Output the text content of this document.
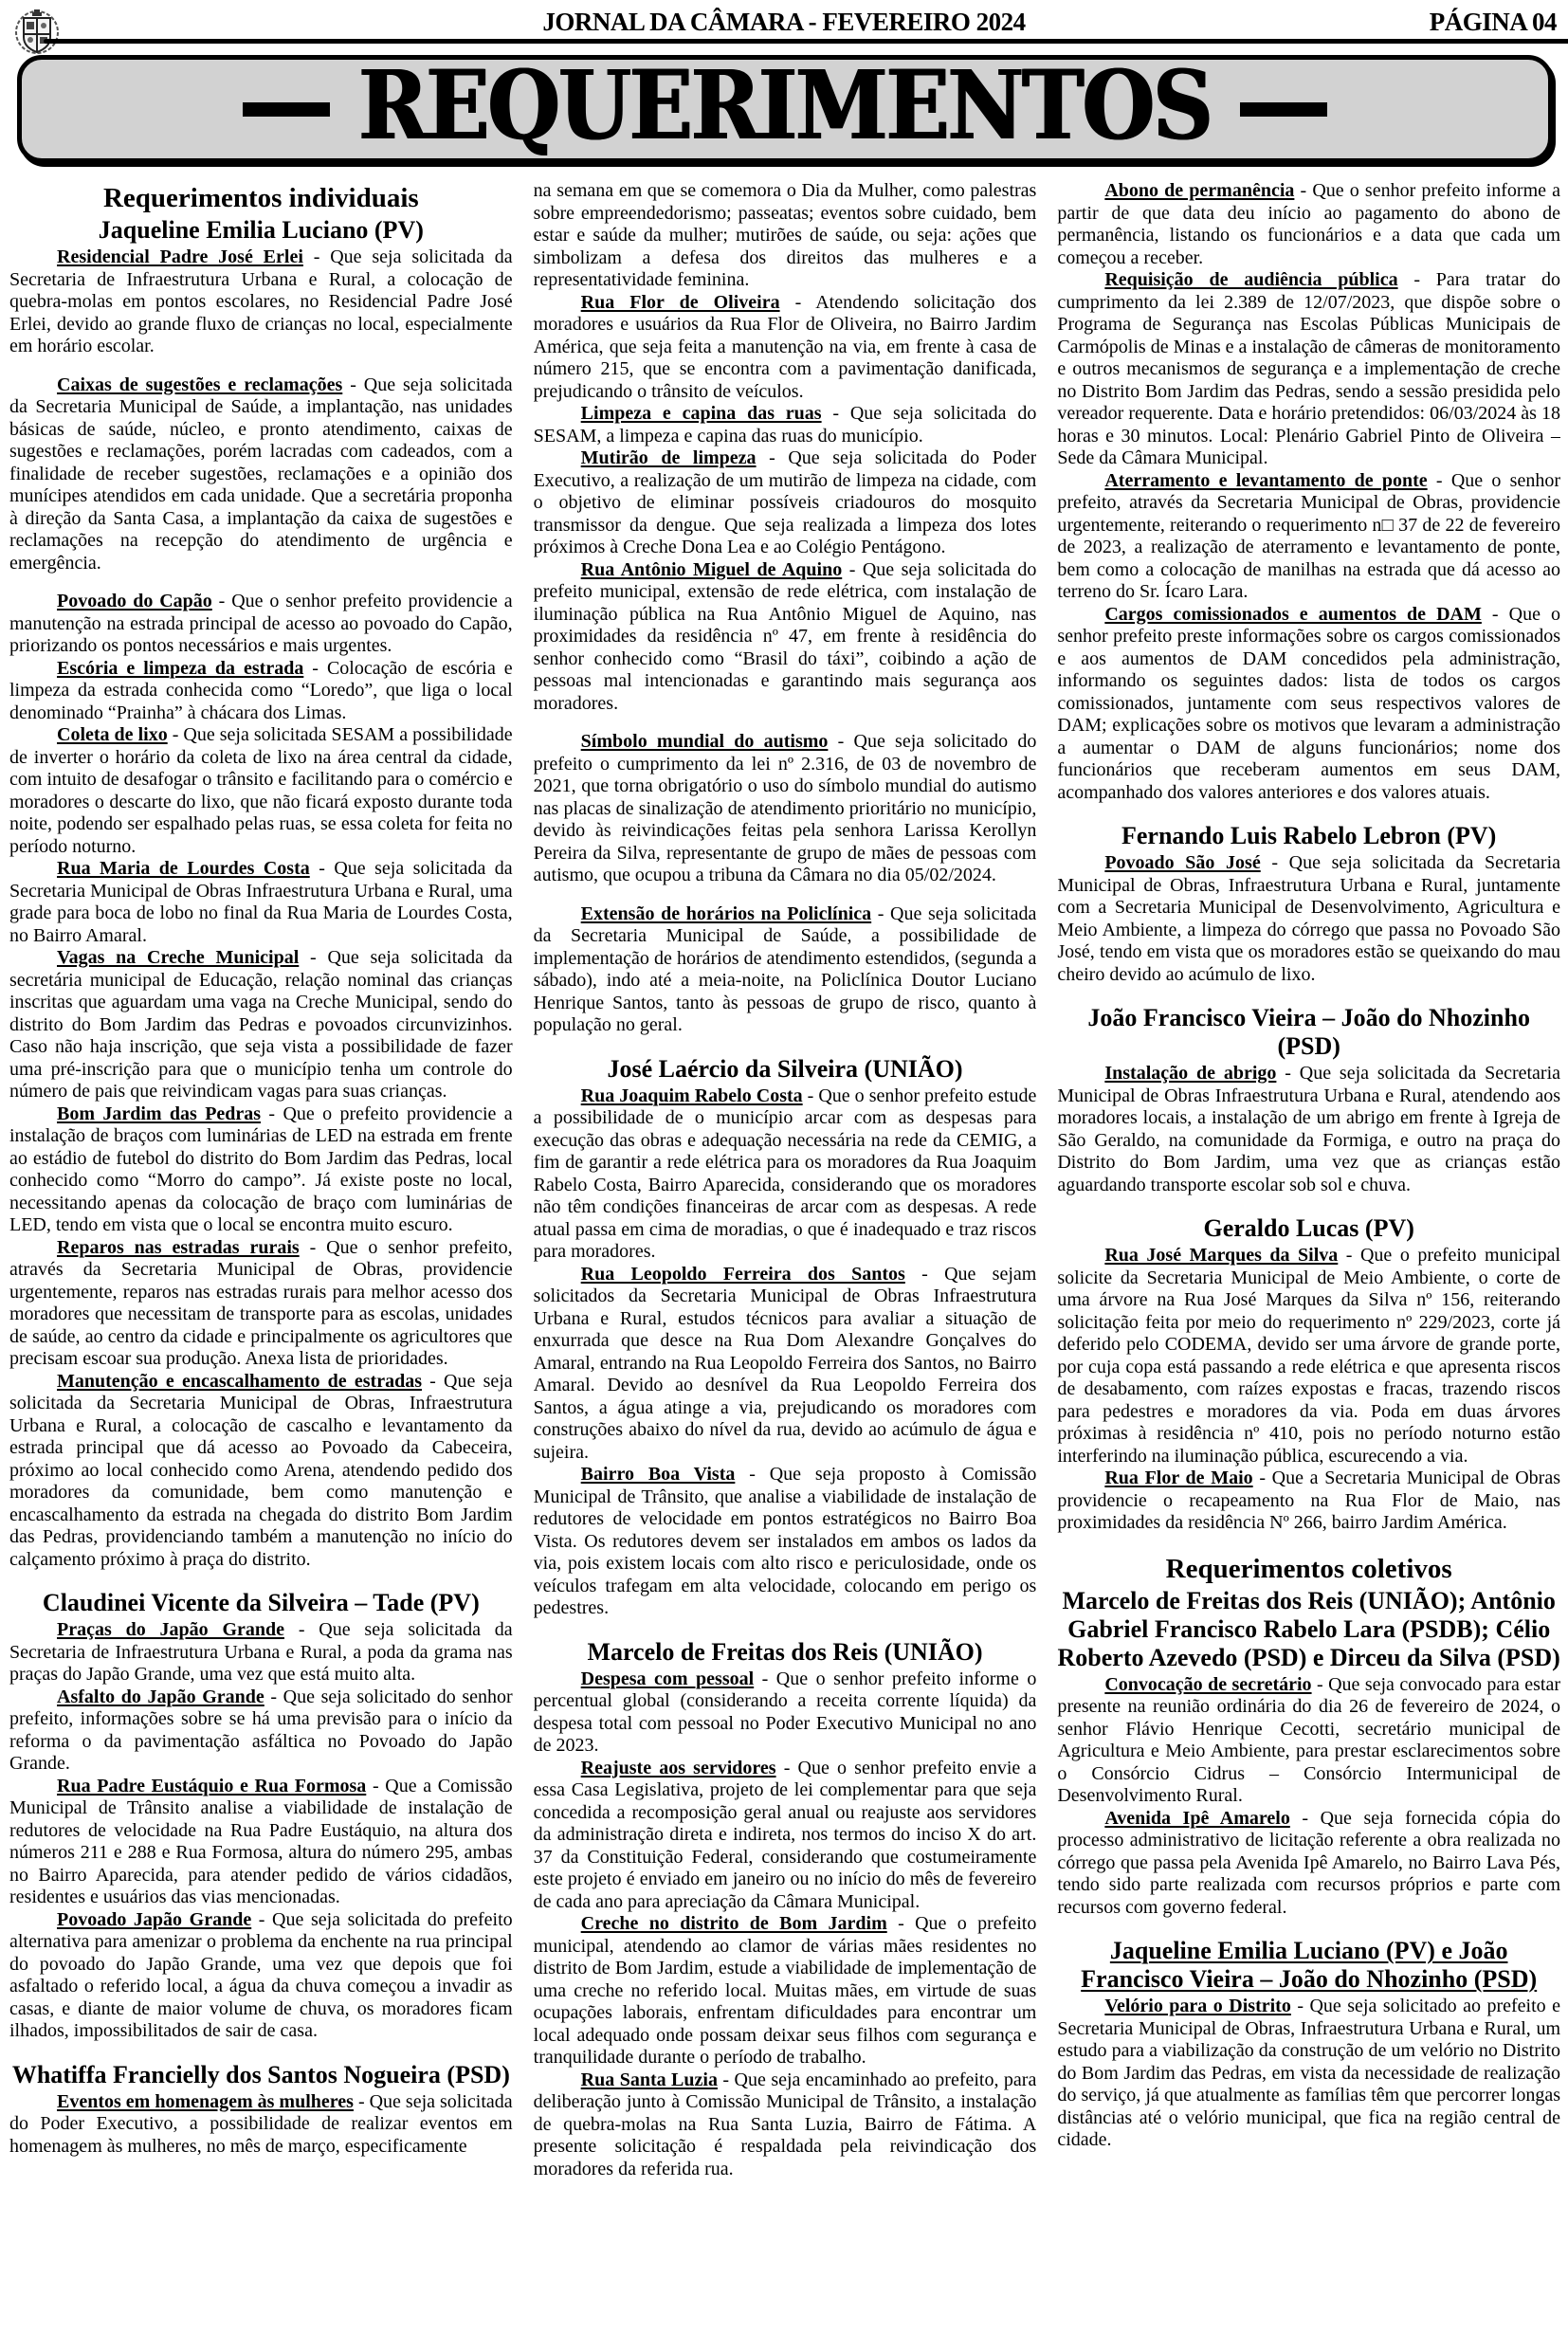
JORNAL DA CÂMARA - FEVEREIRO 2024	PÁGINA 04
REQUERIMENTOS
Requerimentos individuais
Jaqueline Emilia Luciano (PV)

Residencial Padre José Erlei - Que seja solicitada da Secretaria de Infraestrutura Urbana e Rural, a colocação de quebra-molas em pontos escolares, no Residencial Padre José Erlei, devido ao grande fluxo de crianças no local, especialmente em horário escolar.

Caixas de sugestões e reclamações - Que seja solicitada da Secretaria Municipal de Saúde, a implantação, nas unidades básicas de saúde, núcleo, e pronto atendimento, caixas de sugestões e reclamações, porém lacradas com cadeados, com a finalidade de receber sugestões, reclamações e a opinião dos munícipes atendidos em cada unidade. Que a secretária proponha à direção da Santa Casa, a implantação da caixa de sugestões e reclamações na recepção do atendimento de urgência e emergência.

Povoado do Capão - Que o senhor prefeito providencie a manutenção na estrada principal de acesso ao povoado do Capão, priorizando os pontos necessários e mais urgentes.

Escória e limpeza da estrada - Colocação de escória e limpeza da estrada conhecida como “Loredo”, que liga o local denominado “Prainha” à chácara dos Limas.

Coleta de lixo - Que seja solicitada SESAM a possibilidade de inverter o horário da coleta de lixo na área central da cidade, com intuito de desafogar o trânsito e facilitando para o comércio e moradores o descarte do lixo, que não ficará exposto durante toda noite, podendo ser espalhado pelas ruas, se essa coleta for feita no período noturno.

Rua Maria de Lourdes Costa - Que seja solicitada da Secretaria Municipal de Obras Infraestrutura Urbana e Rural, uma grade para boca de lobo no final da Rua Maria de Lourdes Costa, no Bairro Amaral.

Vagas na Creche Municipal - Que seja solicitada da secretária municipal de Educação, relação nominal das crianças inscritas que aguardam uma vaga na Creche Municipal, sendo do distrito do Bom Jardim das Pedras e povoados circunvizinhos. Caso não haja inscrição, que seja vista a possibilidade de fazer uma pré-inscrição para que o município tenha um controle do número de pais que reivindicam vagas para suas crianças.

Bom Jardim das Pedras - Que o prefeito providencie a instalação de braços com luminárias de LED na estrada em frente ao estádio de futebol do distrito do Bom Jardim das Pedras, local conhecido como “Morro do campo”. Já existe poste no local, necessitando apenas da colocação de braço com luminárias de LED, tendo em vista que o local se encontra muito escuro.

Reparos nas estradas rurais - Que o senhor prefeito, através da Secretaria Municipal de Obras, providencie urgentemente, reparos nas estradas rurais para melhor acesso dos moradores que necessitam de transporte para as escolas, unidades de saúde, ao centro da cidade e principalmente os agricultores que precisam escoar sua produção. Anexa lista de prioridades.

Manutenção e encascalhamento de estradas - Que seja solicitada da Secretaria Municipal de Obras, Infraestrutura Urbana e Rural, a colocação de cascalho e levantamento da estrada principal que dá acesso ao Povoado da Cabeceira, próximo ao local conhecido como Arena, atendendo pedido dos moradores da comunidade, bem como manutenção e encascalhamento da estrada na chegada do distrito Bom Jardim das Pedras, providenciando também a manutenção no início do calçamento próximo à praça do distrito.

Claudinei Vicente da Silveira – Tade (PV)

Praças do Japão Grande - Que seja solicitada da Secretaria de Infraestrutura Urbana e Rural, a poda da grama nas praças do Japão Grande, uma vez que está muito alta.

Asfalto do Japão Grande - Que seja solicitado do senhor prefeito, informações sobre se há uma previsão para o início da reforma o da pavimentação asfáltica no Povoado do Japão Grande.

Rua Padre Eustáquio e Rua Formosa - Que a Comissão Municipal de Trânsito analise a viabilidade de instalação de redutores de velocidade na Rua Padre Eustáquio, na altura dos números 211 e 288 e Rua Formosa, altura do número 295, ambas no Bairro Aparecida, para atender pedido de vários cidadãos, residentes e usuários das vias mencionadas.

Povoado Japão Grande - Que seja solicitada do prefeito alternativa para amenizar o problema da enchente na rua principal do povoado do Japão Grande, uma vez que depois que foi asfaltado o referido local, a água da chuva começou a invadir as casas, e diante de maior volume de chuva, os moradores ficam ilhados, impossibilitados de sair de casa.

Whatiffa Francielly dos Santos Nogueira (PSD)

Eventos em homenagem às mulheres - Que seja solicitada do Poder Executivo, a possibilidade de realizar eventos em homenagem às mulheres, no mês de março, especificamente

na semana em que se comemora o Dia da Mulher, como palestras sobre empreendedorismo; passeatas; eventos sobre cuidado, bem estar e saúde da mulher; mutirões de saúde, ou seja: ações que simbolizam a defesa dos direitos das mulheres e a representatividade feminina.

Rua Flor de Oliveira - Atendendo solicitação dos moradores e usuários da Rua Flor de Oliveira, no Bairro Jardim América, que seja feita a manutenção na via, em frente à casa de número 215, que se encontra com a pavimentação danificada, prejudicando o trânsito de veículos.

Limpeza e capina das ruas - Que seja solicitada do SESAM, a limpeza e capina das ruas do município.

Mutirão de limpeza - Que seja solicitada do Poder Executivo, a realização de um mutirão de limpeza na cidade, com o objetivo de eliminar possíveis criadouros do mosquito transmissor da dengue. Que seja realizada a limpeza dos lotes próximos à Creche Dona Lea e ao Colégio Pentágono.

Rua Antônio Miguel de Aquino - Que seja solicitada do prefeito municipal, extensão de rede elétrica, com instalação de iluminação pública na Rua Antônio Miguel de Aquino, nas proximidades da residência nº 47, em frente à residência do senhor conhecido como “Brasil do táxi”, coibindo a ação de pessoas mal intencionadas e garantindo mais segurança aos moradores.

Símbolo mundial do autismo - Que seja solicitado do prefeito o cumprimento da lei nº 2.316, de 03 de novembro de 2021, que torna obrigatório o uso do símbolo mundial do autismo nas placas de sinalização de atendimento prioritário no município, devido às reivindicações feitas pela senhora Larissa Kerollyn Pereira da Silva, representante de grupo de mães de pessoas com autismo, que ocupou a tribuna da Câmara no dia 05/02/2024.

Extensão de horários na Policlínica - Que seja solicitada da Secretaria Municipal de Saúde, a possibilidade de implementação de horários de atendimento estendidos, (segunda a sábado), indo até a meia-noite, na Policlínica Doutor Luciano Henrique Santos, tanto às pessoas de grupo de risco, quanto à população no geral.

José Laércio da Silveira (UNIÃO)

Rua Joaquim Rabelo Costa - Que o senhor prefeito estude a possibilidade de o município arcar com as despesas para execução das obras e adequação necessária na rede da CEMIG, a fim de garantir a rede elétrica para os moradores da Rua Joaquim Rabelo Costa, Bairro Aparecida, considerando que os moradores não têm condições financeiras de arcar com as despesas. A rede atual passa em cima de moradias, o que é inadequado e traz riscos para moradores.

Rua Leopoldo Ferreira dos Santos - Que sejam solicitados da Secretaria Municipal de Obras Infraestrutura Urbana e Rural, estudos técnicos para avaliar a situação de enxurrada que desce na Rua Dom Alexandre Gonçalves do Amaral, entrando na Rua Leopoldo Ferreira dos Santos, no Bairro Amaral. Devido ao desnível da Rua Leopoldo Ferreira dos Santos, a água atinge a via, prejudicando os moradores com construções abaixo do nível da rua, devido ao acúmulo de água e sujeira.

Bairro Boa Vista - Que seja proposto à Comissão Municipal de Trânsito, que analise a viabilidade de instalação de redutores de velocidade em pontos estratégicos no Bairro Boa Vista. Os redutores devem ser instalados em ambos os lados da via, pois existem locais com alto risco e periculosidade, onde os veículos trafegam em alta velocidade, colocando em perigo os pedestres.

Marcelo de Freitas dos Reis (UNIÃO)

Despesa com pessoal - Que o senhor prefeito informe o percentual global (considerando a receita corrente líquida) da despesa total com pessoal no Poder Executivo Municipal no ano de 2023.

Reajuste aos servidores - Que o senhor prefeito envie a essa Casa Legislativa, projeto de lei complementar para que seja concedida a recomposição geral anual ou reajuste aos servidores da administração direta e indireta, nos termos do inciso X do art. 37 da Constituição Federal, considerando que costumeiramente este projeto é enviado em janeiro ou no início do mês de fevereiro de cada ano para apreciação da Câmara Municipal.

Creche no distrito de Bom Jardim - Que o prefeito municipal, atendendo ao clamor de várias mães residentes no distrito de Bom Jardim, estude a viabilidade de implementação de uma creche no referido local. Muitas mães, em virtude de suas ocupações laborais, enfrentam dificuldades para encontrar um local adequado onde possam deixar seus filhos com segurança e tranquilidade durante o período de trabalho.

Rua Santa Luzia - Que seja encaminhado ao prefeito, para deliberação junto à Comissão Municipal de Trânsito, a instalação de quebra-molas na Rua Santa Luzia, Bairro de Fátima. A presente solicitação é respaldada pela reivindicação dos moradores da referida rua.

Abono de permanência - Que o senhor prefeito informe a partir de que data deu início ao pagamento do abono de permanência, listando os funcionários e a data que cada um começou a receber.

Requisição de audiência pública - Para tratar do cumprimento da lei 2.389 de 12/07/2023, que dispõe sobre o Programa de Segurança nas Escolas Públicas Municipais de Carmópolis de Minas e a instalação de câmeras de monitoramento e outros mecanismos de segurança e a implementação de creche no Distrito Bom Jardim das Pedras, sendo a sessão presidida pelo vereador requerente. Data e horário pretendidos: 06/03/2024 às 18 horas e 30 minutos. Local: Plenário Gabriel Pinto de Oliveira – Sede da Câmara Municipal.

Aterramento e levantamento de ponte - Que o senhor prefeito, através da Secretaria Municipal de Obras, providencie urgentemente, reiterando o requerimento n□ 37 de 22 de fevereiro de 2023, a realização de aterramento e levantamento de ponte, bem como a colocação de manilhas na estrada que dá acesso ao terreno do Sr. Ícaro Lara.

Cargos comissionados e aumentos de DAM - Que o senhor prefeito preste informações sobre os cargos comissionados e aos aumentos de DAM concedidos pela administração, informando os seguintes dados: lista de todos os cargos comissionados, juntamente com seus respectivos valores de DAM; explicações sobre os motivos que levaram a administração a aumentar o DAM de alguns funcionários; nome dos funcionários que receberam aumentos em seus DAM, acompanhado dos valores anteriores e dos valores atuais.

Fernando Luis Rabelo Lebron (PV)

Povoado São José - Que seja solicitada da Secretaria Municipal de Obras, Infraestrutura Urbana e Rural, juntamente com a Secretaria Municipal de Desenvolvimento, Agricultura e Meio Ambiente, a limpeza do córrego que passa no Povoado São José, tendo em vista que os moradores estão se queixando do mau cheiro devido ao acúmulo de lixo.

João Francisco Vieira – João do Nhozinho (PSD)

Instalação de abrigo - Que seja solicitada da Secretaria Municipal de Obras Infraestrutura Urbana e Rural, atendendo aos moradores locais, a instalação de um abrigo em frente à Igreja de São Geraldo, na comunidade da Formiga, e outro na praça do Distrito do Bom Jardim, uma vez que as crianças estão aguardando transporte escolar sob sol e chuva.

Geraldo Lucas (PV)

Rua José Marques da Silva - Que o prefeito municipal solicite da Secretaria Municipal de Meio Ambiente, o corte de uma árvore na Rua José Marques da Silva nº 156, reiterando solicitação feita por meio do requerimento nº 229/2023, corte já deferido pelo CODEMA, devido ser uma árvore de grande porte, por cuja copa está passando a rede elétrica e que apresenta riscos de desabamento, com raízes expostas e fracas, trazendo riscos para pedestres e moradores da via. Poda em duas árvores próximas à residência nº 410, pois no período noturno estão interferindo na iluminação pública, escurecendo a via.

Rua Flor de Maio - Que a Secretaria Municipal de Obras providencie o recapeamento na Rua Flor de Maio, nas proximidades da residência Nº 266, bairro Jardim América.

Requerimentos coletivos
Marcelo de Freitas dos Reis (UNIÃO); Antônio Gabriel Francisco Rabelo Lara (PSDB); Célio Roberto Azevedo (PSD) e Dirceu da Silva (PSD)

Convocação de secretário - Que seja convocado para estar presente na reunião ordinária do dia 26 de fevereiro de 2024, o senhor Flávio Henrique Cecotti, secretário municipal de Agricultura e Meio Ambiente, para prestar esclarecimentos sobre o Consórcio Cidrus – Consórcio Intermunicipal de Desenvolvimento Rural.

Avenida Ipê Amarelo - Que seja fornecida cópia do processo administrativo de licitação referente a obra realizada no córrego que passa pela Avenida Ipê Amarelo, no Bairro Lava Pés, tendo sido parte realizada com recursos próprios e parte com recursos com governo federal.

Jaqueline Emilia Luciano (PV) e João Francisco Vieira – João do Nhozinho (PSD)

Velório para o Distrito - Que seja solicitado ao prefeito e Secretaria Municipal de Obras, Infraestrutura Urbana e Rural, um estudo para a viabilização da construção de um velório no Distrito do Bom Jardim das Pedras, em vista da necessidade de realização do serviço, já que atualmente as famílias têm que percorrer longas distâncias até o velório municipal, que fica na região central de cidade.
